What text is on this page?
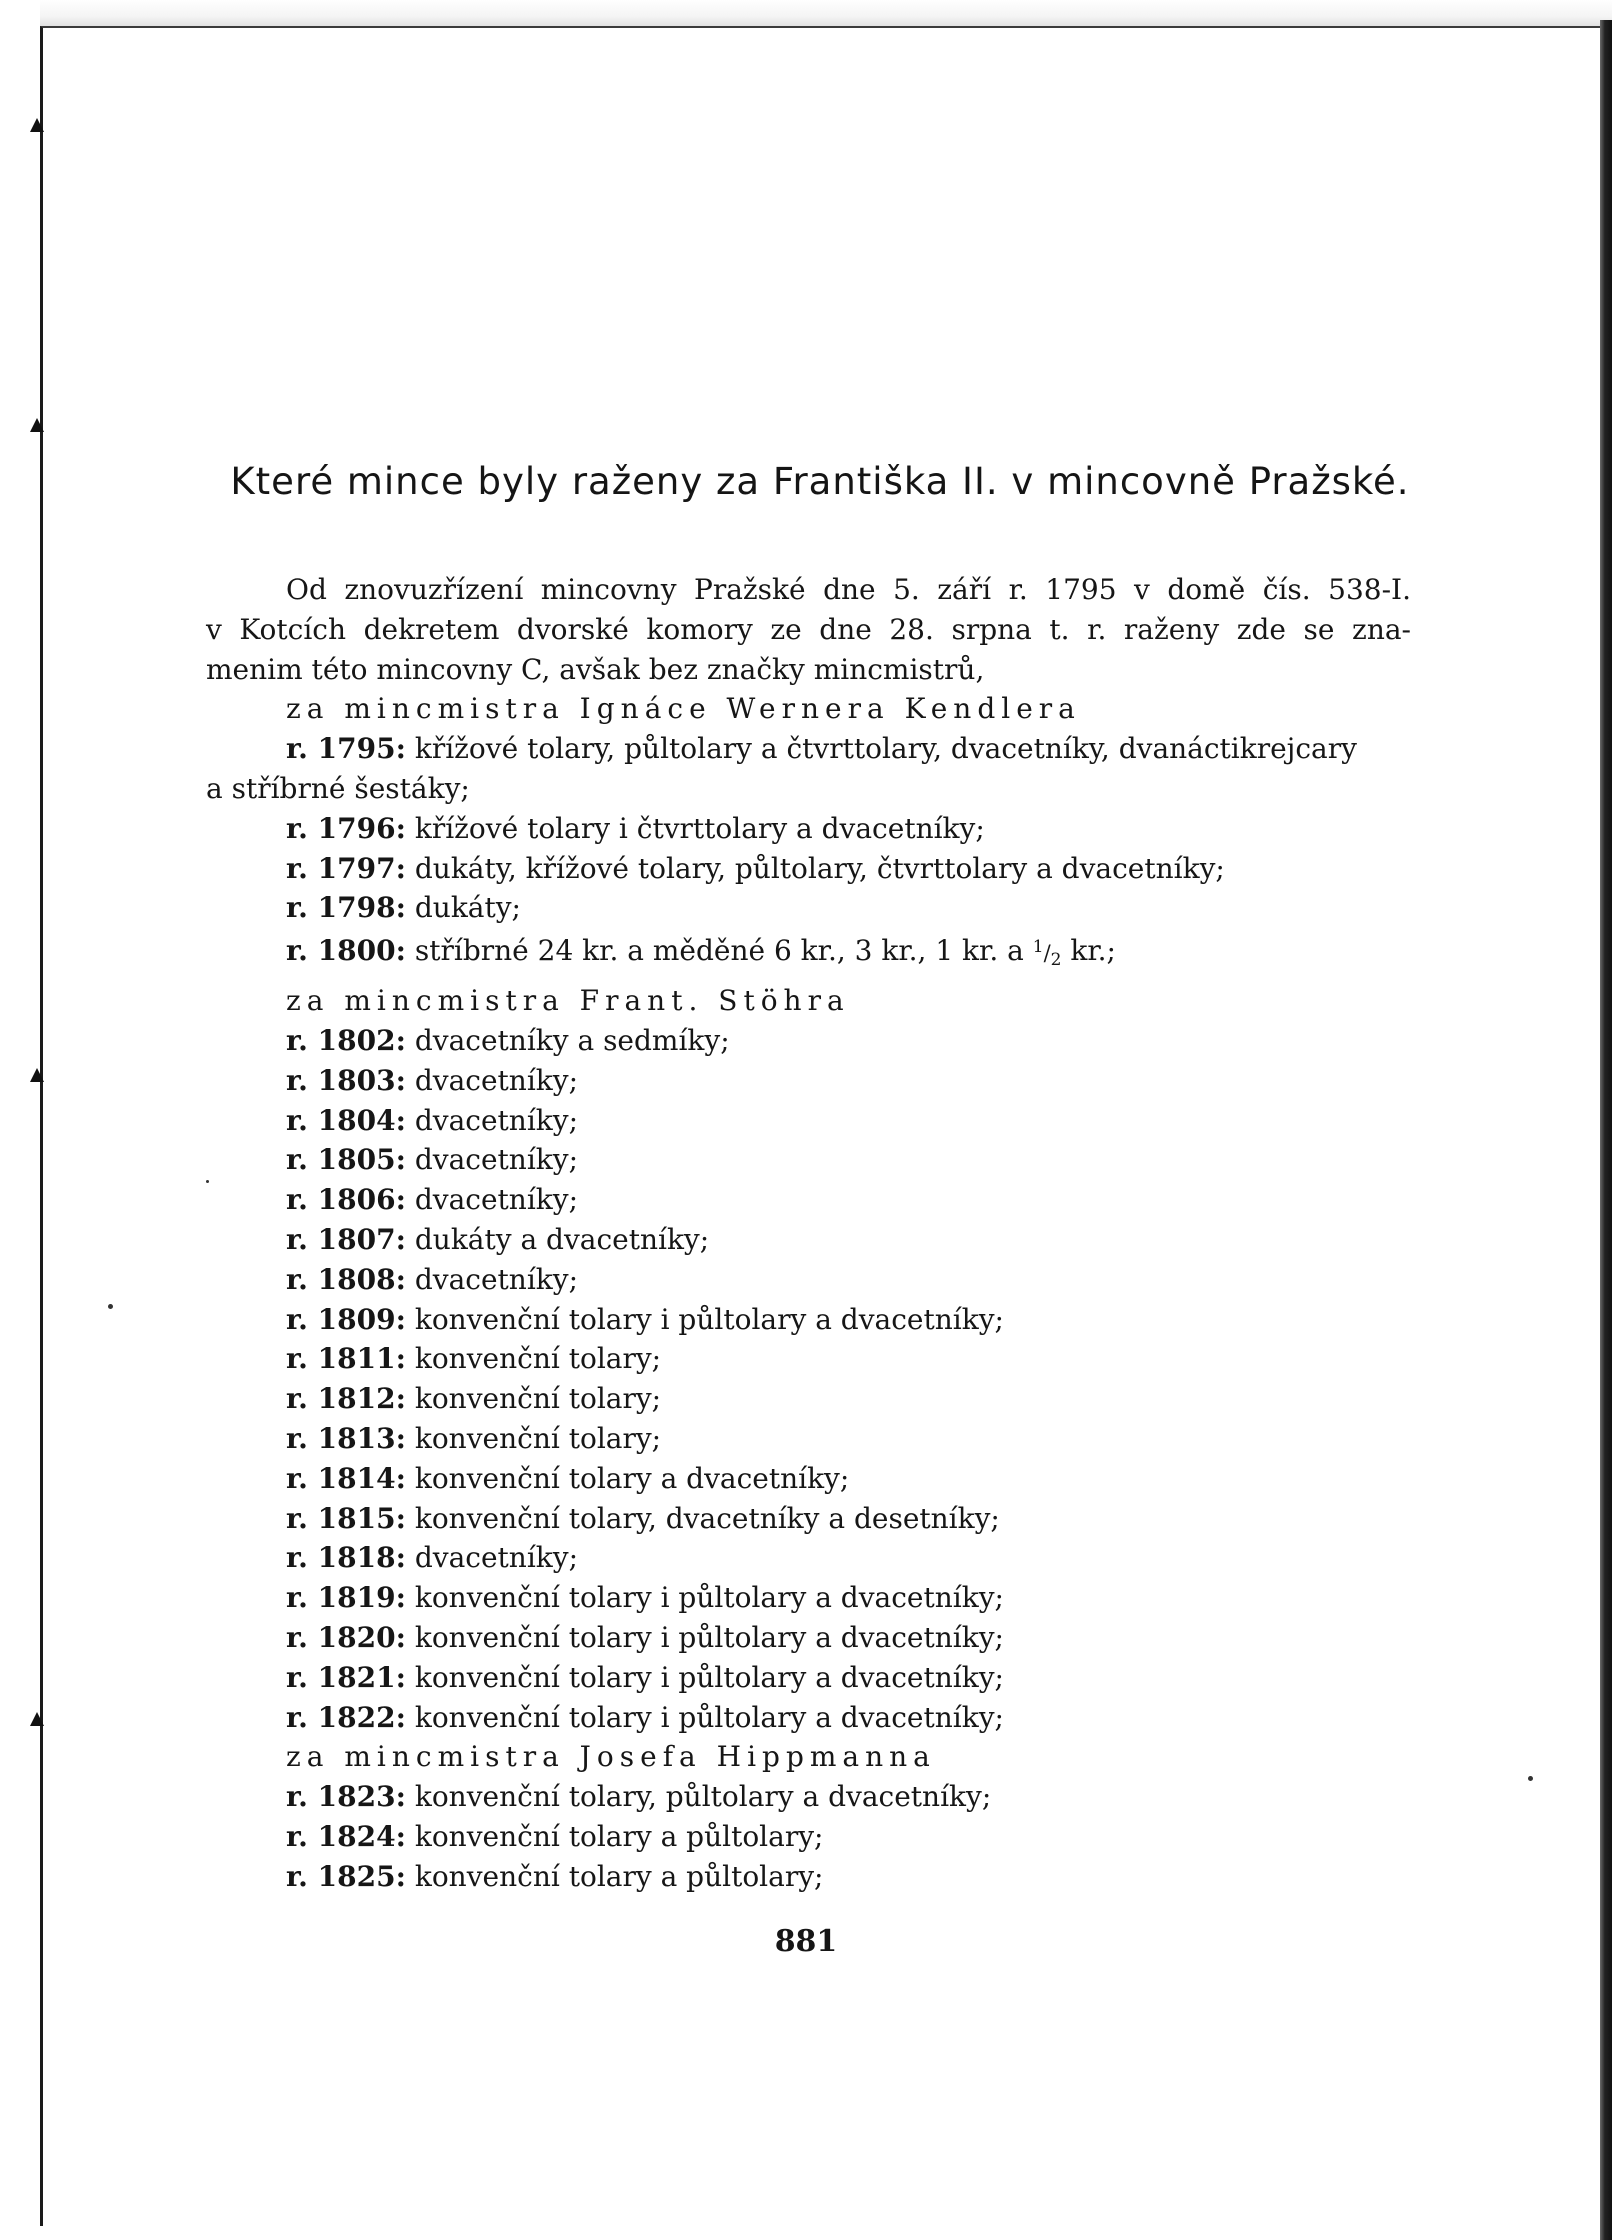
Které mince byly raženy za Františka II. v mincovně Pražské.
Od znovuzřízení mincovny Pražské dne 5. září r. 1795 v domě čís. 538-I.
v Kotcích dekretem dvorské komory ze dne 28. srpna t. r. raženy zde se zna-
menim této mincovny C, avšak bez značky mincmistrů,
za mincmistra Ignáce Wernera Kendlera
r. 1795: křížové tolary, půltolary a čtvrttolary, dvacetníky, dvanáctikrejcary
a stříbrné šestáky;
r. 1796: křížové tolary i čtvrttolary a dvacetníky;
r. 1797: dukáty, křížové tolary, půltolary, čtvrttolary a dvacetníky;
r. 1798: dukáty;
r. 1800: stříbrné 24 kr. a měděné 6 kr., 3 kr., 1 kr. a $^1/_2$ kr.;
za mincmistra Frant. Stöhra
r. 1802: dvacetníky a sedmíky;
r. 1803: dvacetníky;
r. 1804: dvacetníky;
r. 1805: dvacetníky;
r. 1806: dvacetníky;
r. 1807: dukáty a dvacetníky;
r. 1808: dvacetníky;
r. 1809: konvenční tolary i půltolary a dvacetníky;
r. 1811: konvenční tolary;
r. 1812: konvenční tolary;
r. 1813: konvenční tolary;
r. 1814: konvenční tolary a dvacetníky;
r. 1815: konvenční tolary, dvacetníky a desetníky;
r. 1818: dvacetníky;
r. 1819: konvenční tolary i půltolary a dvacetníky;
r. 1820: konvenční tolary i půltolary a dvacetníky;
r. 1821: konvenční tolary i půltolary a dvacetníky;
r. 1822: konvenční tolary i půltolary a dvacetníky;
za mincmistra Josefa Hippmanna
r. 1823: konvenční tolary, půltolary a dvacetníky;
r. 1824: konvenční tolary a půltolary;
r. 1825: konvenční tolary a půltolary;
881
